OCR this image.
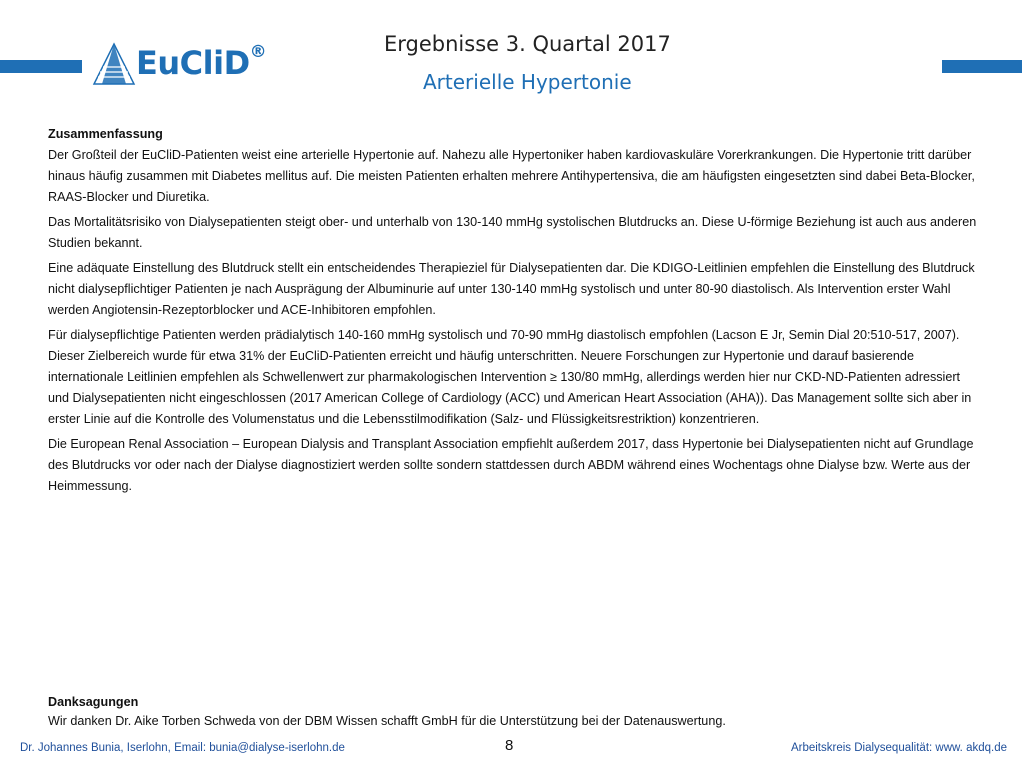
EuCliD®	Ergebnisse 3. Quartal 2017
Arterielle Hypertonie

Zusammenfassung

Der Großteil der EuCliD-Patienten weist eine arterielle Hypertonie auf. Nahezu alle Hypertoniker haben kardiovaskuläre Vorerkrankungen. Die Hypertonie tritt darüber hinaus häufig zusammen mit Diabetes mellitus auf. Die meisten Patienten erhalten mehrere Antihypertensiva, die am häufigsten eingesetzten sind dabei Beta-Blocker, RAAS-Blocker und Diuretika.

Das Mortalitätsrisiko von Dialysepatienten steigt ober- und unterhalb von 130-140 mmHg systolischen Blutdrucks an. Diese U-förmige Beziehung ist auch aus anderen Studien bekannt.

Eine adäquate Einstellung des Blutdruck stellt ein entscheidendes Therapieziel für Dialysepatienten dar. Die KDIGO-Leitlinien empfehlen die Einstellung des Blutdruck nicht dialysepflichtiger Patienten je nach Ausprägung der Albuminurie auf unter 130-140 mmHg systolisch und unter 80-90 diastolisch. Als Intervention erster Wahl werden Angiotensin-Rezeptorblocker und ACE-Inhibitoren empfohlen.

Für dialysepflichtige Patienten werden prädialytisch 140-160 mmHg systolisch und 70-90 mmHg diastolisch empfohlen (Lacson E Jr, Semin Dial 20:510-517, 2007). Dieser Zielbereich wurde für etwa 31% der EuCliD-Patienten erreicht und häufig unterschritten. Neuere Forschungen zur Hypertonie und darauf basierende internationale Leitlinien empfehlen als Schwellenwert zur pharmakologischen Intervention ≥ 130/80 mmHg, allerdings werden hier nur CKD-ND-Patienten adressiert und Dialysepatienten nicht eingeschlossen (2017 American College of Cardiology (ACC) und American Heart Association (AHA)). Das Management sollte sich aber in erster Linie auf die Kontrolle des Volumenstatus und die Lebensstilmodifikation (Salz- und Flüssigkeitsrestriktion) konzentrieren.

Die European Renal Association – European Dialysis and Transplant Association empfiehlt außerdem 2017, dass Hypertonie bei Dialysepatienten nicht auf Grundlage des Blutdrucks vor oder nach der Dialyse diagnostiziert werden sollte sondern stattdessen durch ABDM während eines Wochentags ohne Dialyse bzw. Werte aus der Heimmessung.

Danksagungen
Wir danken Dr. Aike Torben Schweda von der DBM Wissen schafft GmbH für die Unterstützung bei der Datenauswertung.
Dr. Johannes Bunia, Iserlohn, Email: bunia@dialyse-iserlohn.de	8	Arbeitskreis Dialysequalität: www. akdq.de
